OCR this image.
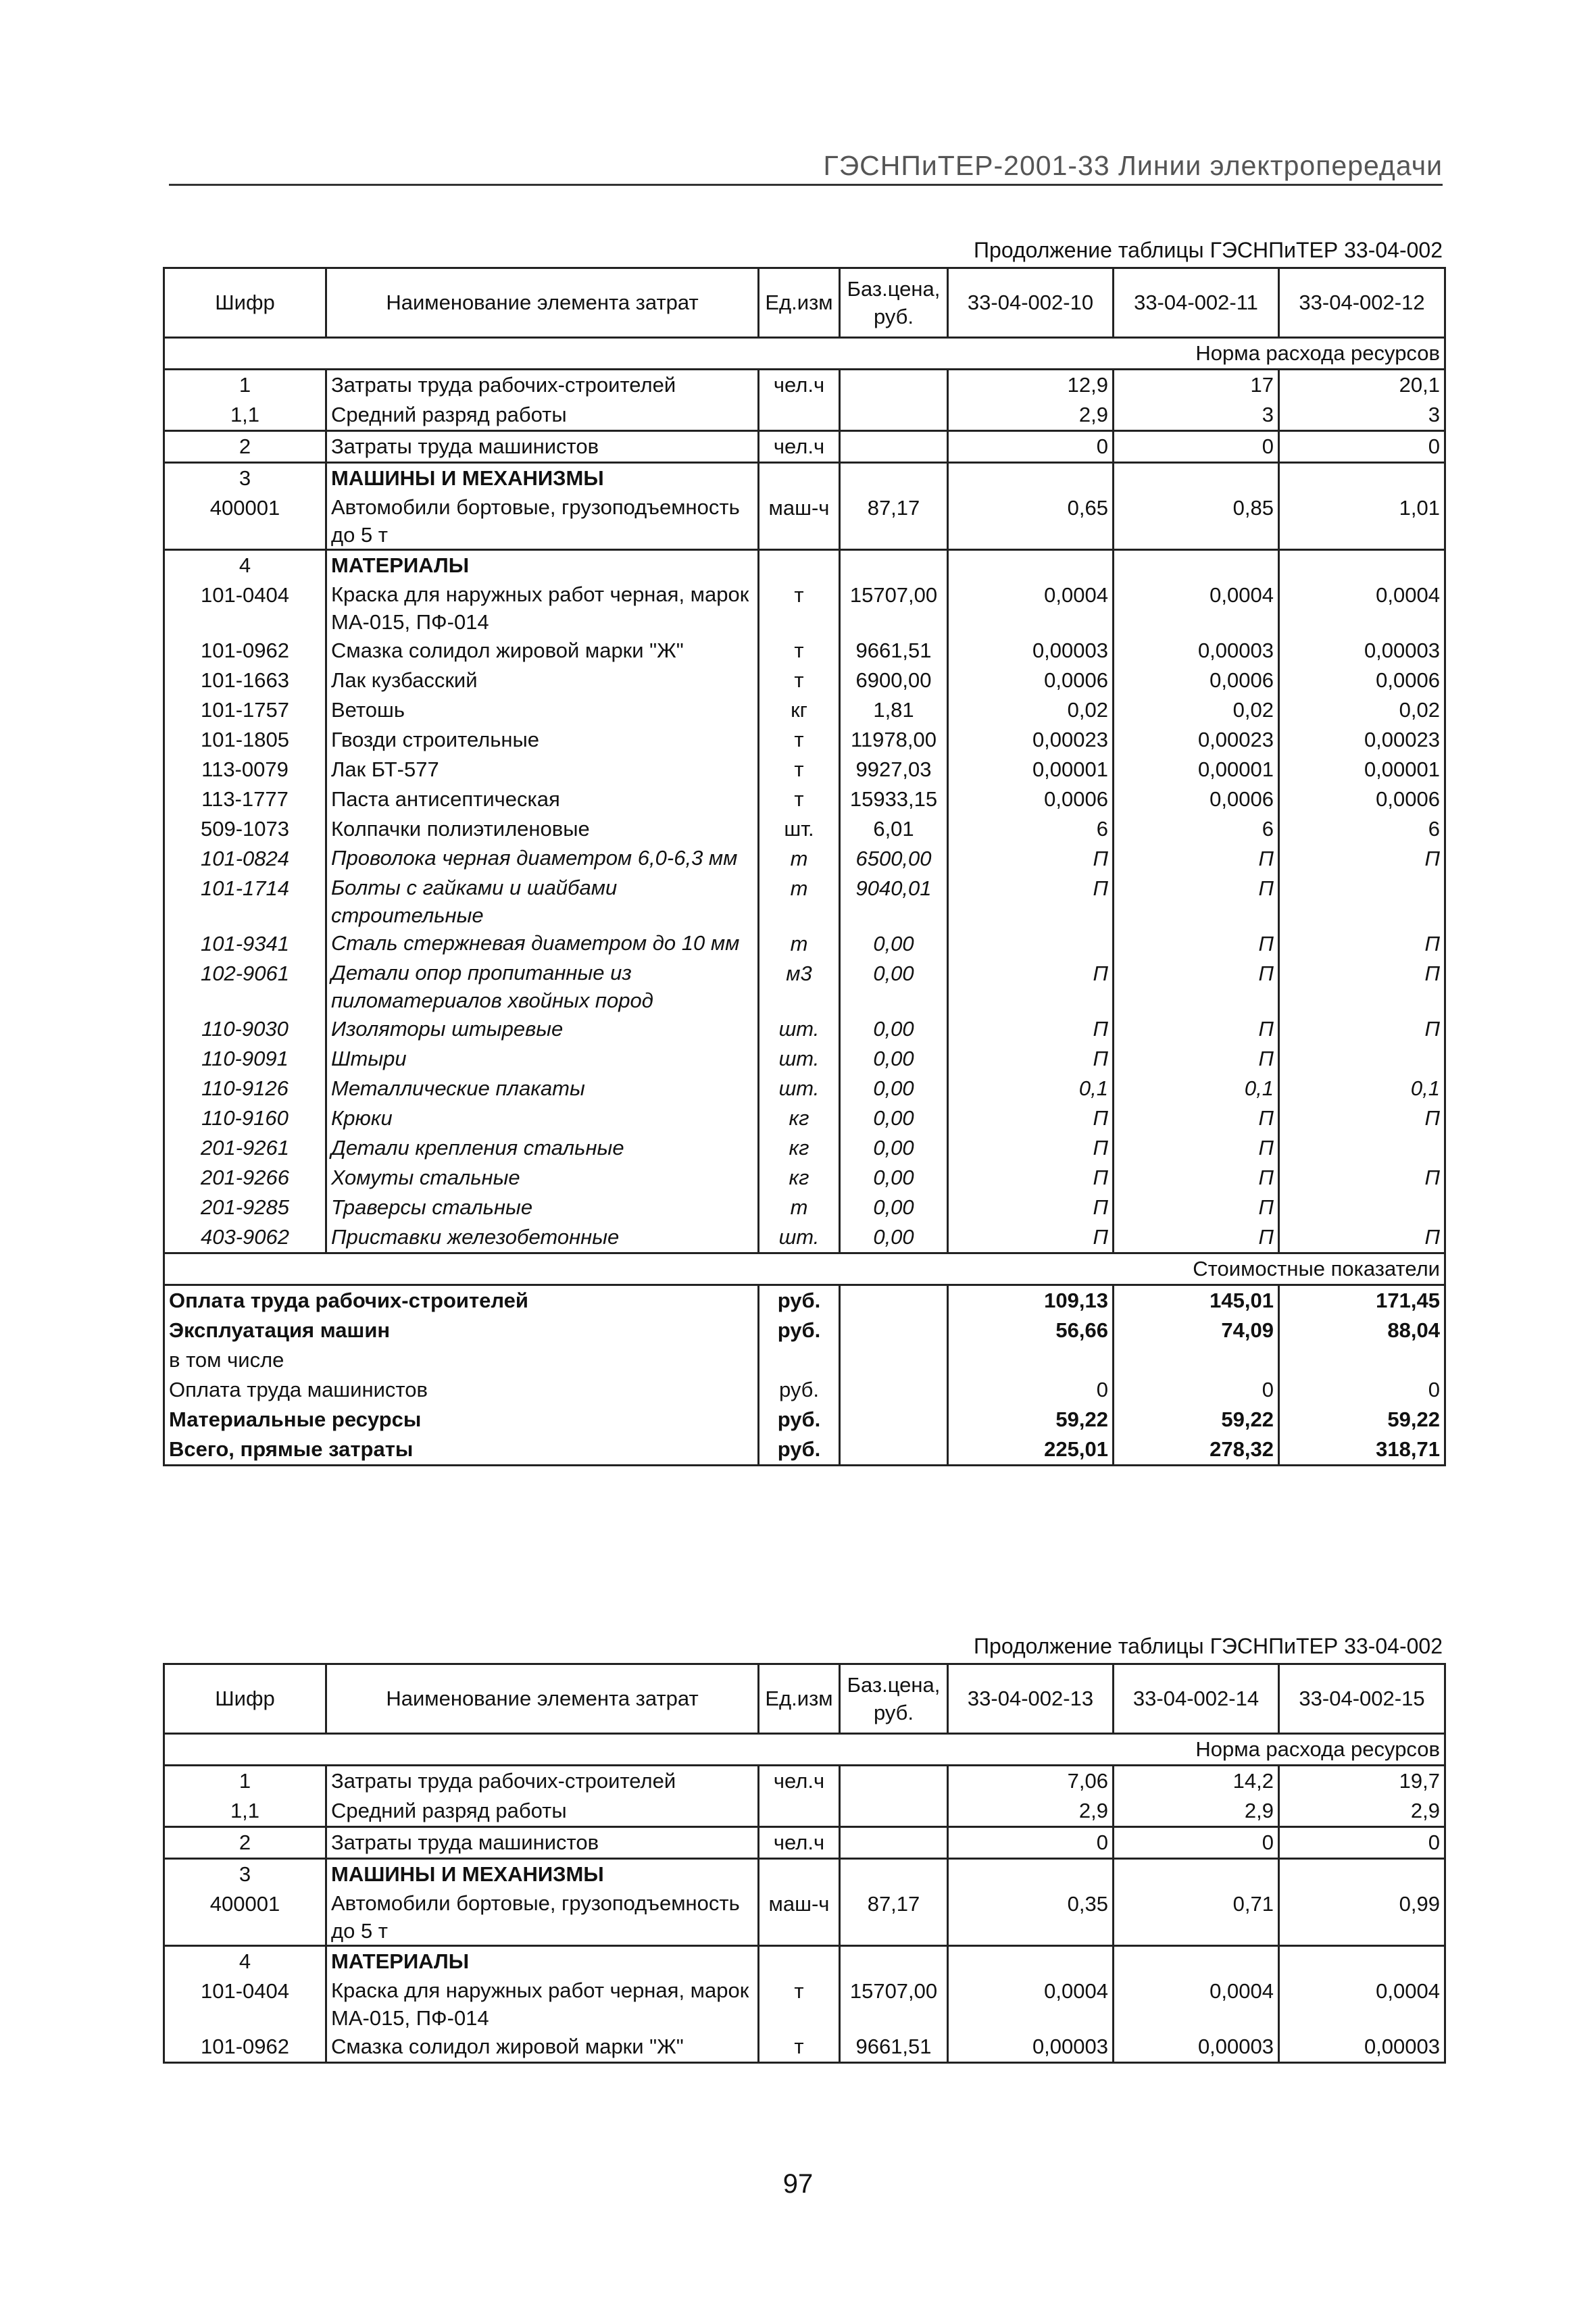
ГЭСНПиТЕР-2001-33 Линии электропередачи
Продолжение таблицы ГЭСНПиТЕР 33-04-002
Шифр	Наименование элемента затрат	Ед.изм	Баз.цена, руб.	33-04-002-10	33-04-002-11	33-04-002-12
Норма расхода ресурсов						
1	Затраты труда рабочих-строителей	чел.ч		12,9	17	20,1
1,1	Средний разряд работы			2,9	3	3
2	Затраты труда машинистов	чел.ч		0	0	0
3	МАШИНЫ И МЕХАНИЗМЫ					
400001	Автомобили бортовые, грузоподъемность до 5 т	маш-ч	87,17	0,65	0,85	1,01
4	МАТЕРИАЛЫ					
101-0404	Краска для наружных работ черная, марок МА-015, ПФ-014	т	15707,00	0,0004	0,0004	0,0004
101-0962	Смазка солидол жировой марки "Ж"	т	9661,51	0,00003	0,00003	0,00003
101-1663	Лак кузбасский	т	6900,00	0,0006	0,0006	0,0006
101-1757	Ветошь	кг	1,81	0,02	0,02	0,02
101-1805	Гвозди строительные	т	11978,00	0,00023	0,00023	0,00023
113-0079	Лак БТ-577	т	9927,03	0,00001	0,00001	0,00001
113-1777	Паста антисептическая	т	15933,15	0,0006	0,0006	0,0006
509-1073	Колпачки полиэтиленовые	шт.	6,01	6	6	6
101-0824	Проволока черная диаметром 6,0-6,3 мм	т	6500,00	П	П	П
101-1714	Болты с гайками и шайбами строительные	т	9040,01	П	П	
101-9341	Сталь стержневая диаметром до 10 мм	т	0,00		П	П
102-9061	Детали опор пропитанные из пиломатериалов хвойных пород	м3	0,00	П	П	П
110-9030	Изоляторы штыревые	шт.	0,00	П	П	П
110-9091	Штыри	шт.	0,00	П	П	
110-9126	Металлические плакаты	шт.	0,00	0,1	0,1	0,1
110-9160	Крюки	кг	0,00	П	П	П
201-9261	Детали крепления стальные	кг	0,00	П	П	
201-9266	Хомуты стальные	кг	0,00	П	П	П
201-9285	Траверсы стальные	т	0,00	П	П	
403-9062	Приставки железобетонные	шт.	0,00	П	П	П
Стоимостные показатели						
Оплата труда рабочих-строителей		руб.		109,13	145,01	171,45
Эксплуатация машин		руб.		56,66	74,09	88,04
в том числе						
Оплата труда машинистов		руб.		0	0	0
Материальные ресурсы		руб.		59,22	59,22	59,22
Всего, прямые затраты		руб.		225,01	278,32	318,71
Продолжение таблицы ГЭСНПиТЕР 33-04-002
Шифр	Наименование элемента затрат	Ед.изм	Баз.цена, руб.	33-04-002-13	33-04-002-14	33-04-002-15
Норма расхода ресурсов						
1	Затраты труда рабочих-строителей	чел.ч		7,06	14,2	19,7
1,1	Средний разряд работы			2,9	2,9	2,9
2	Затраты труда машинистов	чел.ч		0	0	0
3	МАШИНЫ И МЕХАНИЗМЫ					
400001	Автомобили бортовые, грузоподъемность до 5 т	маш-ч	87,17	0,35	0,71	0,99
4	МАТЕРИАЛЫ					
101-0404	Краска для наружных работ черная, марок МА-015, ПФ-014	т	15707,00	0,0004	0,0004	0,0004
101-0962	Смазка солидол жировой марки "Ж"	т	9661,51	0,00003	0,00003	0,00003
97
